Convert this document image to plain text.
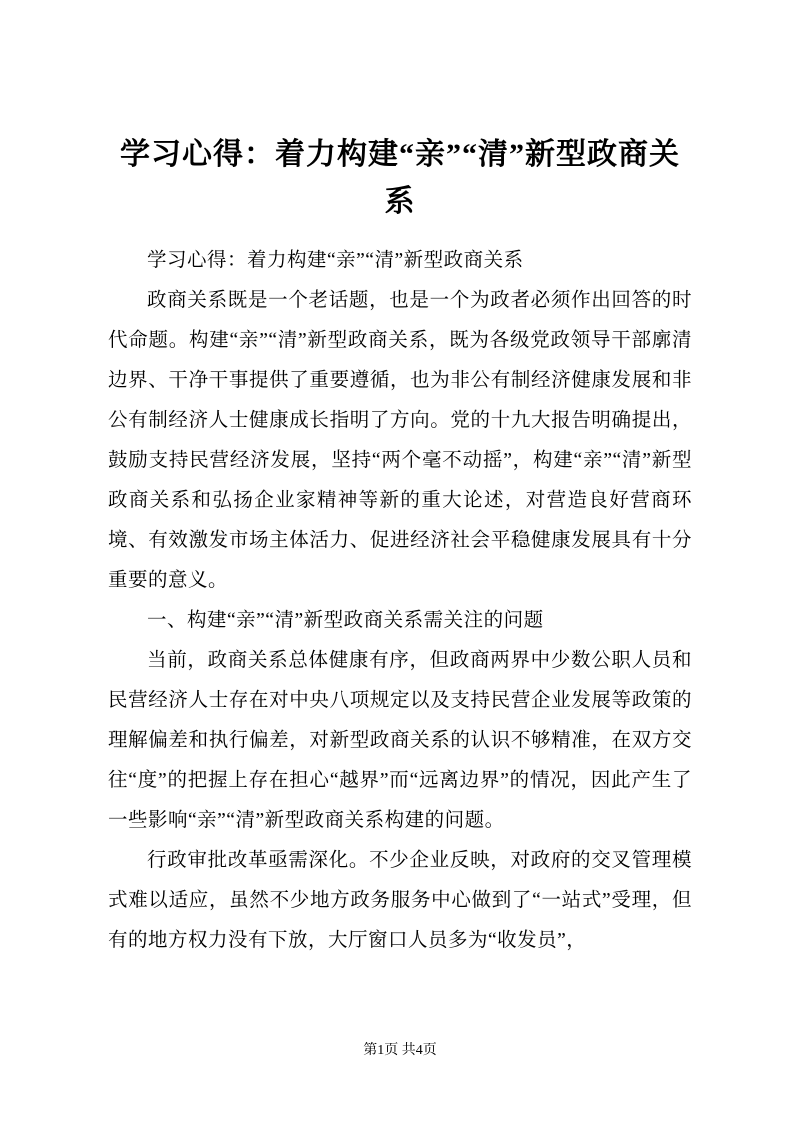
学习心得：着力构建“亲”“清”新型政商关系

学习心得：着力构建“亲”“清”新型政商关系

政商关系既是一个老话题，也是一个为政者必须作出回答的时代命题。构建“亲”“清”新型政商关系，既为各级党政领导干部廓清边界、干净干事提供了重要遵循，也为非公有制经济健康发展和非公有制经济人士健康成长指明了方向。党的十九大报告明确提出，鼓励支持民营经济发展，坚持“两个毫不动摇”，构建“亲”“清”新型政商关系和弘扬企业家精神等新的重大论述，对营造良好营商环境、有效激发市场主体活力、促进经济社会平稳健康发展具有十分重要的意义。

一、构建“亲”“清”新型政商关系需关注的问题

当前，政商关系总体健康有序，但政商两界中少数公职人员和民营经济人士存在对中央八项规定以及支持民营企业发展等政策的理解偏差和执行偏差，对新型政商关系的认识不够精准，在双方交往“度”的把握上存在担心“越界”而“远离边界”的情况，因此产生了一些影响“亲”“清”新型政商关系构建的问题。

行政审批改革亟需深化。不少企业反映，对政府的交叉管理模式难以适应，虽然不少地方政务服务中心做到了“一站式”受理，但有的地方权力没有下放，大厅窗口人员多为“收发员”，

第1页 共4页
